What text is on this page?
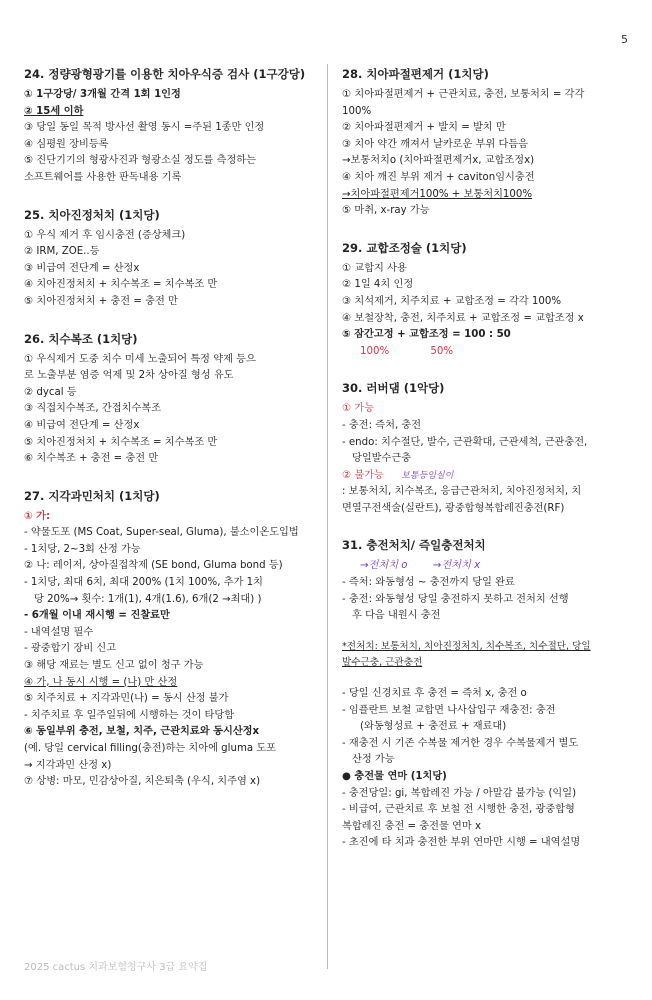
5
24. 정량광형광기를 이용한 치아우식증 검사 (1구강당)
① 1구강당/ 3개월 간격 1회 1인정
② 15세 이하
③ 당일 동일 목적 방사선 촬영 동시 =주된 1종만 인정
④ 심평원 장비등록
⑤ 진단기기의 형광사진과 형광소실 정도를 측정하는
소프트웨어를 사용한 판독내용 기록
25. 치아진정처치 (1치당)
① 우식 제거 후 임시충전 (증상체크)
② IRM, ZOE..등
③ 비급여 전단계 = 산정x
④ 치아진정처치 + 치수복조 = 치수복조 만
⑤ 치아진정처치 + 충전 = 충전 만
26. 치수복조 (1치당)
① 우식제거 도중 치수 미세 노출되어 특정 약제 등으
로 노출부분 염증 억제 및 2차 상아질 형성 유도
② dycal 등
③ 직접치수복조, 간접치수복조
④ 비급여 전단계 = 산정x
⑤ 치아진정처치 + 치수복조 = 치수복조 만
⑥ 치수복조 + 충전 = 충전 만
27. 지각과민처치 (1치당)
① 가:
- 약물도포 (MS Coat, Super-seal, Gluma), 불소이온도입법
- 1치당, 2~3회 산정 가능
② 나: 레이저, 상아질접착제 (SE bond, Gluma bond 등)
- 1치당, 최대 6치, 최대 200% (1치 100%, 추가 1치
당 20%→ 횟수: 1개(1), 4개(1.6), 6개(2 →최대) )
- 6개월 이내 재시행 = 진찰료만
- 내역설명 필수
- 광중합기 장비 신고
③ 해당 재료는 별도 신고 없이 청구 가능
④ 가, 나 동시 시행 = (나) 만 산정
⑤ 치주치료 + 지각과민(나) = 동시 산정 불가
- 치주치료 후 일주일뒤에 시행하는 것이 타당함
⑥ 동일부위 충전, 보철, 치주, 근관치료와 동시산정x
(예. 당일 cervical filling(충전)하는 치아에 gluma 도포
→ 지각과민 산정 x)
⑦ 상병: 마모, 민감상아질, 치은퇴축 (우식, 치주염 x)
28. 치아파절편제거 (1치당)
① 치아파절편제거 + 근관치료, 충전, 보통처치 = 각각
100%
② 치아파절편제거 + 발치 = 발치 만
③ 치아 약간 깨져서 날카로운 부위 다듬음
→보통처치o (치아파절편제거x, 교합조정x)
④ 치아 깨진 부위 제거 + caviton임시충전
→치아파절편제거100% + 보통처치100%
⑤ 마취, x-ray 가능
29. 교합조정술 (1치당)
① 교합지 사용
② 1일 4치 인정
③ 치석제거, 치주치료 + 교합조정 = 각각 100%
④ 보철장착, 충전, 치주치료 + 교합조정 = 교합조정 x
⑤ 잠간고정 + 교합조정 = 100 : 50
100%	50%
30. 러버댐 (1악당)
① 가능
- 충전: 즉처, 충전
- endo: 치수절단, 발수, 근관확대, 근관세척, 근관충전,
당일발수근충
② 불가능 보통등임실이
: 보통처치, 치수복조, 응급근관처치, 치아진정처치, 치
면열구전색술(실란트), 광중합형복합레진충전(RF)
31. 충전처치/ 즉일충전처치
→전처치 o →전처치 x
- 즉처: 와동형성 ~ 충전까지 당일 완료
- 충전: 와동형성 당일 충전하지 못하고 전처치 선행
후 다음 내원시 충전
*전처치: 보통처치, 치아진정처치, 치수복조, 치수절단, 당일
발수근충, 근관충전
- 당일 신경치료 후 충전 = 즉처 x, 충전 o
- 임플란트 보철 교합면 나사삽입구 재충전: 충전
(와동형성료 + 충전료 + 재료대)
- 재충전 시 기존 수복물 제거한 경우 수복물제거 별도
산정 가능
● 충전물 연마 (1치당)
- 충전당일: gi, 복합레진 가능 / 아말감 불가능 (익일)
- 비급여, 근관치료 후 보철 전 시행한 충전, 광중합형
복합레진 충전 = 충전물 연마 x
- 초진에 타 치과 충전한 부위 연마만 시행 = 내역설명
2025 cactus 치과보험청구사 3급 요약집
